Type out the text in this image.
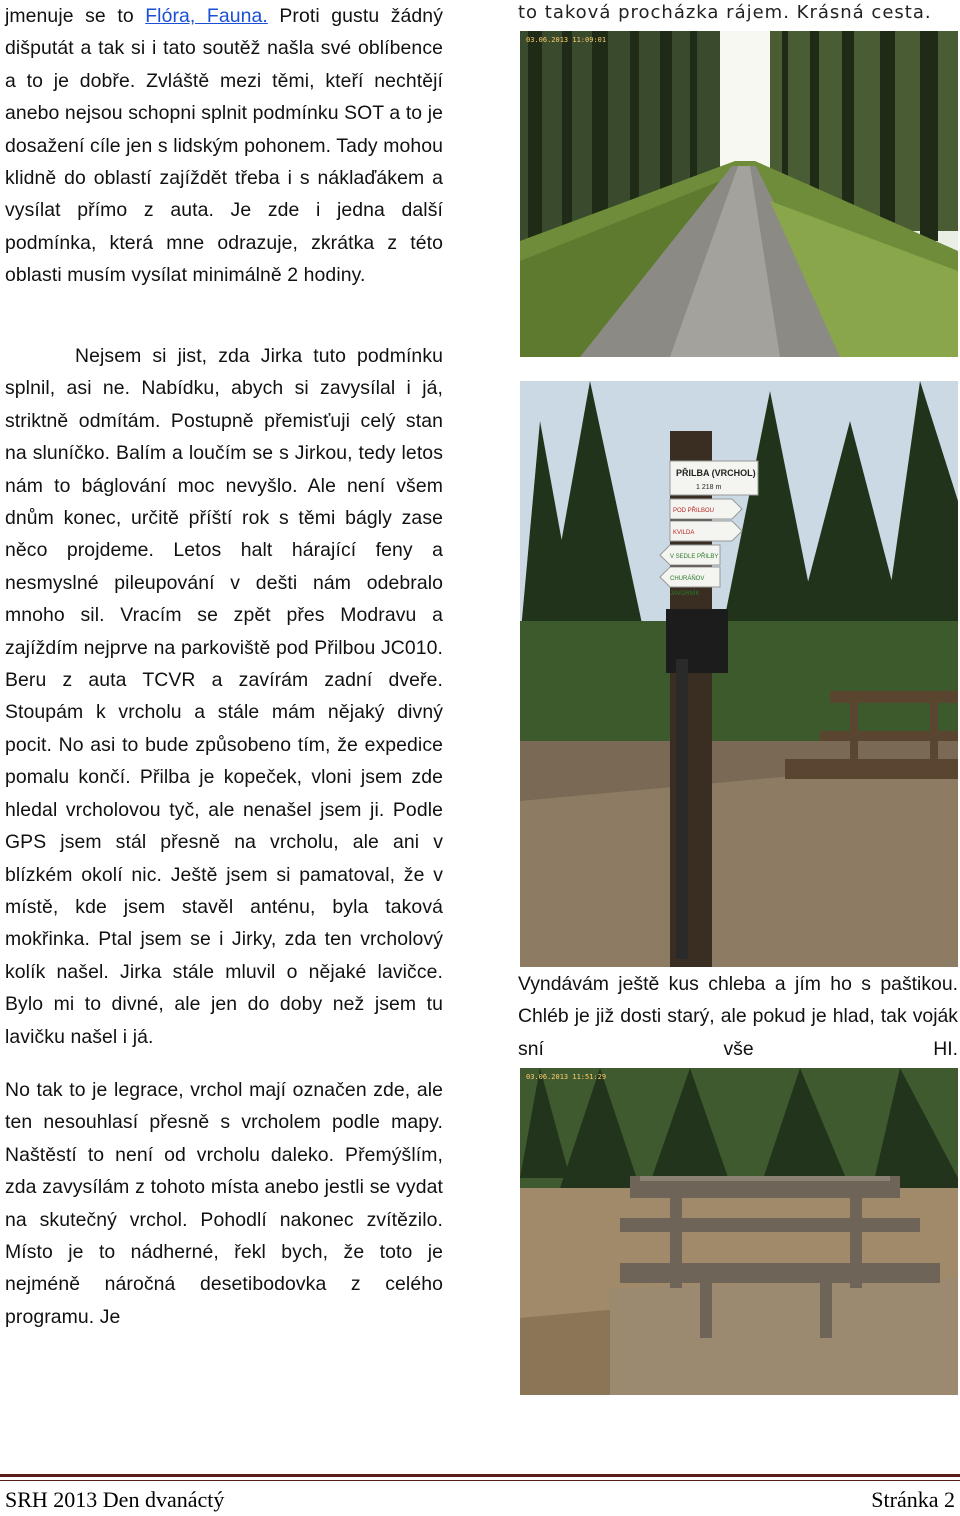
jmenuje se to Flóra, Fauna. Proti gustu žádný dišputát a tak si i tato soutěž našla své oblíbence a to je dobře. Zvláště mezi těmi, kteří nechtějí anebo nejsou schopni splnit podmínku SOT a to je dosažení cíle jen s lidským pohonem. Tady mohou klidně do oblastí zajíždět třeba i s náklaďákem a vysílat přímo z auta. Je zde i jedna další podmínka, která mne odrazuje, zkrátka z této oblasti musím vysílat minimálně 2 hodiny.

Nejsem si jist, zda Jirka tuto podmínku splnil, asi ne. Nabídku, abych si zavysílal i já, striktně odmítám. Postupně přemisťuji celý stan na sluníčko. Balím a loučím se s Jirkou, tedy letos nám to báglování moc nevyšlo. Ale není všem dnům konec, určitě příští rok s těmi bágly zase něco projdeme. Letos halt hárající feny a nesmyslné pileupování v dešti nám odebralo mnoho sil. Vracím se zpět přes Modravu a zajíždím nejprve na parkoviště pod Přilbou JC010. Beru z auta TCVR a zavírám zadní dveře. Stoupám k vrcholu a stále mám nějaký divný pocit. No asi to bude způsobeno tím, že expedice pomalu končí. Přilba je kopeček, vloni jsem zde hledal vrcholovou tyč, ale nenašel jsem ji. Podle GPS jsem stál přesně na vrcholu, ale ani v blízkém okolí nic. Ještě jsem si pamatoval, že v místě, kde jsem stavěl anténu, byla taková mokřinka. Ptal jsem se i Jirky, zda ten vrcholový kolík našel. Jirka stále mluvil o nějaké lavičce. Bylo mi to divné, ale jen do doby než jsem tu lavičku našel i já.

No tak to je legrace, vrchol mají označen zde, ale ten nesouhlasí přesně s vrcholem podle mapy. Naštěstí to není od vrcholu daleko. Přemýšlím, zda zavysílám z tohoto místa anebo jestli se vydat na skutečný vrchol. Pohodlí nakonec zvítězilo. Místo je to nádherné, řekl bych, že toto je nejméně náročná desetibodovka z celého programu. Je

to taková procházka rájem. Krásná cesta.
03.06.2013 11:09:01
PŘILBA (VRCHOL)
1 218 m
POD PŘILBOU
KVILDA
V SEDLE PŘILBY
CHURÁŇOV
JAVORNÍK

Vyndávám ještě kus chleba a jím ho s paštikou. Chléb je již dosti starý, ale pokud je hlad, tak voják sní vše HI.

03.06.2013 11:51:29
SRH 2013 Den dvanáctý	Stránka 2
